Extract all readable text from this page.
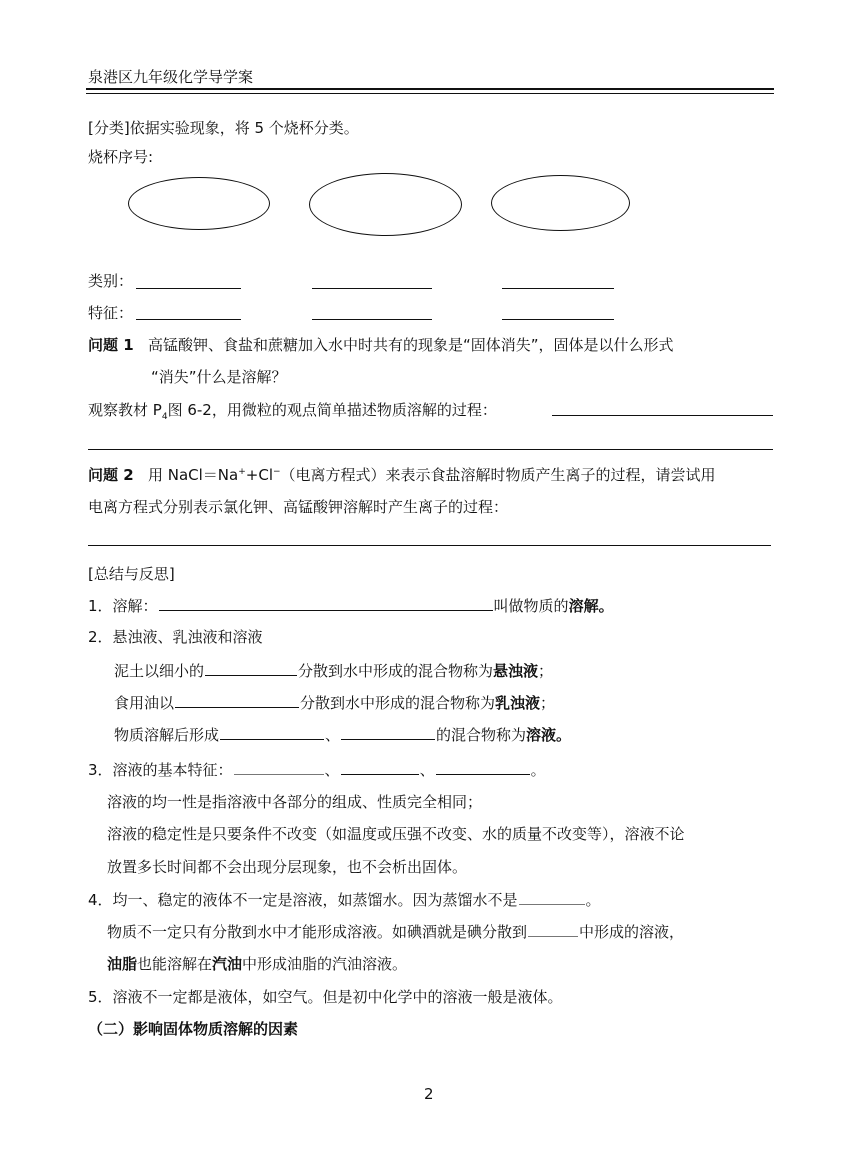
泉港区九年级化学导学案
[分类]依据实验现象，将 5 个烧杯分类。
烧杯序号:
类别：
特征：
问题 1 高锰酸钾、食盐和蔗糖加入水中时共有的现象是“固体消失”，固体是以什么形式
“消失”什么是溶解？
观察教材 $P_4$图 6-2，用微粒的观点简单描述物质溶解的过程：
问题 2 用 NaCl＝Na++Cl−（电离方程式）来表示食盐溶解时物质产生离子的过程，请尝试用
电离方程式分别表示氯化钾、高锰酸钾溶解时产生离子的过程：
[总结与反思]
1．溶解：	叫做物质的溶解。
2．悬浊液、乳浊液和溶液
泥土以细小的	分散到水中形成的混合物称为悬浊液；
食用油以	分散到水中形成的混合物称为乳浊液；
物质溶解后形成	、	的混合物称为溶液。
3．溶液的基本特征：	、	、	。
溶液的均一性是指溶液中各部分的组成、性质完全相同；
溶液的稳定性是只要条件不改变（如温度或压强不改变、水的质量不改变等），溶液不论
放置多长时间都不会出现分层现象，也不会析出固体。
4．均一、稳定的液体不一定是溶液，如蒸馏水。因为蒸馏水不是	。
物质不一定只有分散到水中才能形成溶液。如碘酒就是碘分散到	中形成的溶液，
油脂也能溶解在汽油中形成油脂的汽油溶液。
5．溶液不一定都是液体，如空气。但是初中化学中的溶液一般是液体。
（二）影响固体物质溶解的因素
2
